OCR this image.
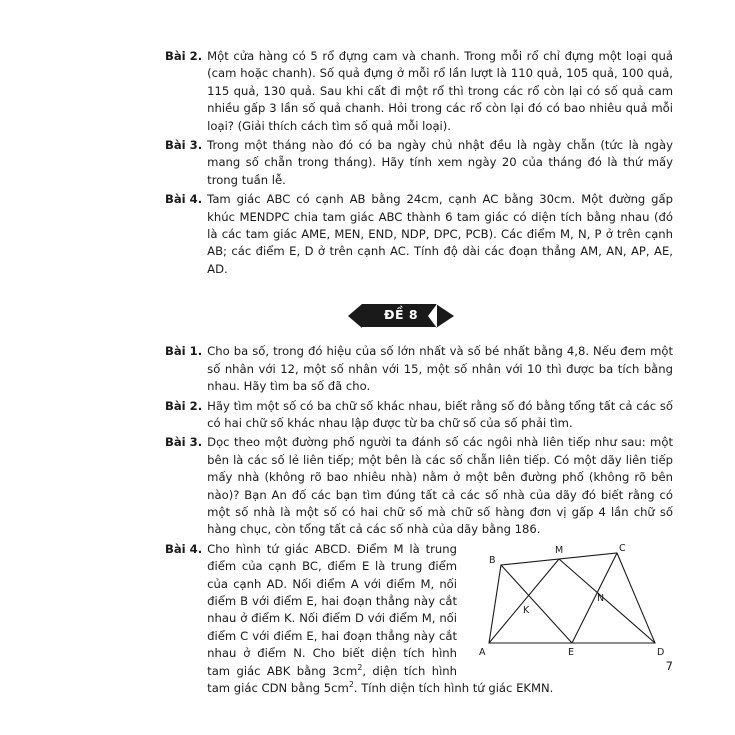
Bài 2. Một cửa hàng có 5 rổ đựng cam và chanh. Trong mỗi rổ chỉ đựng một loại quả (cam hoặc chanh). Số quả đựng ở mỗi rổ lần lượt là 110 quả, 105 quả, 100 quả, 115 quả, 130 quả. Sau khi cất đi một rổ thì trong các rổ còn lại có số quả cam nhiều gấp 3 lần số quả chanh. Hỏi trong các rổ còn lại đó có bao nhiêu quả mỗi loại? (Giải thích cách tìm số quả mỗi loại).
Bài 3. Trong một tháng nào đó có ba ngày chủ nhật đều là ngày chẵn (tức là ngày mang số chẵn trong tháng). Hãy tính xem ngày 20 của tháng đó là thứ mấy trong tuần lễ.
Bài 4. Tam giác ABC có cạnh AB bằng 24cm, cạnh AC bằng 30cm. Một đường gấp khúc MENDPC chia tam giác ABC thành 6 tam giác có diện tích bằng nhau (đó là các tam giác AME, MEN, END, NDP, DPC, PCB). Các điểm M, N, P ở trên cạnh AB; các điểm E, D ở trên cạnh AC. Tính độ dài các đoạn thẳng AM, AN, AP, AE, AD.
ĐỀ 8
Bài 1. Cho ba số, trong đó hiệu của số lớn nhất và số bé nhất bằng 4,8. Nếu đem một số nhân với 12, một số nhân với 15, một số nhân với 10 thì được ba tích bằng nhau. Hãy tìm ba số đã cho.
Bài 2. Hãy tìm một số có ba chữ số khác nhau, biết rằng số đó bằng tổng tất cả các số có hai chữ số khác nhau lập được từ ba chữ số của số phải tìm.
Bài 3. Dọc theo một đường phố người ta đánh số các ngôi nhà liên tiếp như sau: một bên là các số lẻ liên tiếp; một bên là các số chẵn liên tiếp. Có một dãy liên tiếp mấy nhà (không rõ bao nhiêu nhà) nằm ở một bên đường phố (không rõ bên nào)? Bạn An đố các bạn tìm đúng tất cả các số nhà của dãy đó biết rằng có một số nhà là một số có hai chữ số mà chữ số hàng đơn vị gấp 4 lần chữ số hàng chục, còn tổng tất cả các số nhà của dãy bằng 186.
Bài 4.
A
B
C
D
E
K
M
N
Cho hình tứ giác ABCD. Điểm M là trung điểm của cạnh BC, điểm E là trung điểm của cạnh AD. Nối điểm A với điểm M, nối điểm B với điểm E, hai đoạn thẳng này cắt nhau ở điểm K. Nối điểm D với điểm M, nối điểm C với điểm E, hai đoạn thẳng này cắt nhau ở điểm N. Cho biết diện tích hình tam giác ABK bằng $3cm^2$, diện tích hình tam giác CDN bằng $5cm^2$. Tính diện tích hình tứ giác EKMN.
7
